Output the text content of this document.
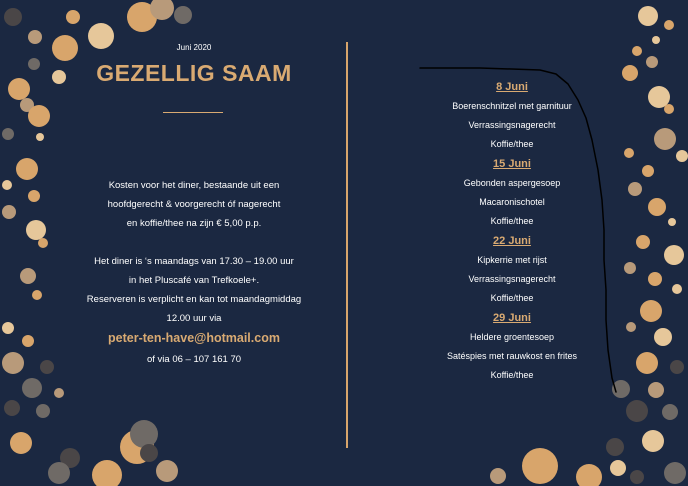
Juni 2020
GEZELLIG SAAM
Kosten voor het diner, bestaande uit een
hoofdgerecht & voorgerecht óf nagerecht
en koffie/thee na zijn € 5,00 p.p.
Het diner is ‘s maandags van 17.30 – 19.00 uur
in het Pluscafé van Trefkoele+.
Reserveren is verplicht en kan tot maandagmiddag
12.00 uur via
peter-ten-have@hotmail.com
of via 06 – 107 161 70
8 Juni
Boerenschnitzel met garnituur
Verrassingsnagerecht
Koffie/thee
15 Juni
Gebonden aspergesoep
Macaronischotel
Koffie/thee
22 Juni
Kipkerrie met rijst
Verrassingsnagerecht
Koffie/thee
29 Juni
Heldere groentesoep
Satéspies met rauwkost en frites
Koffie/thee
